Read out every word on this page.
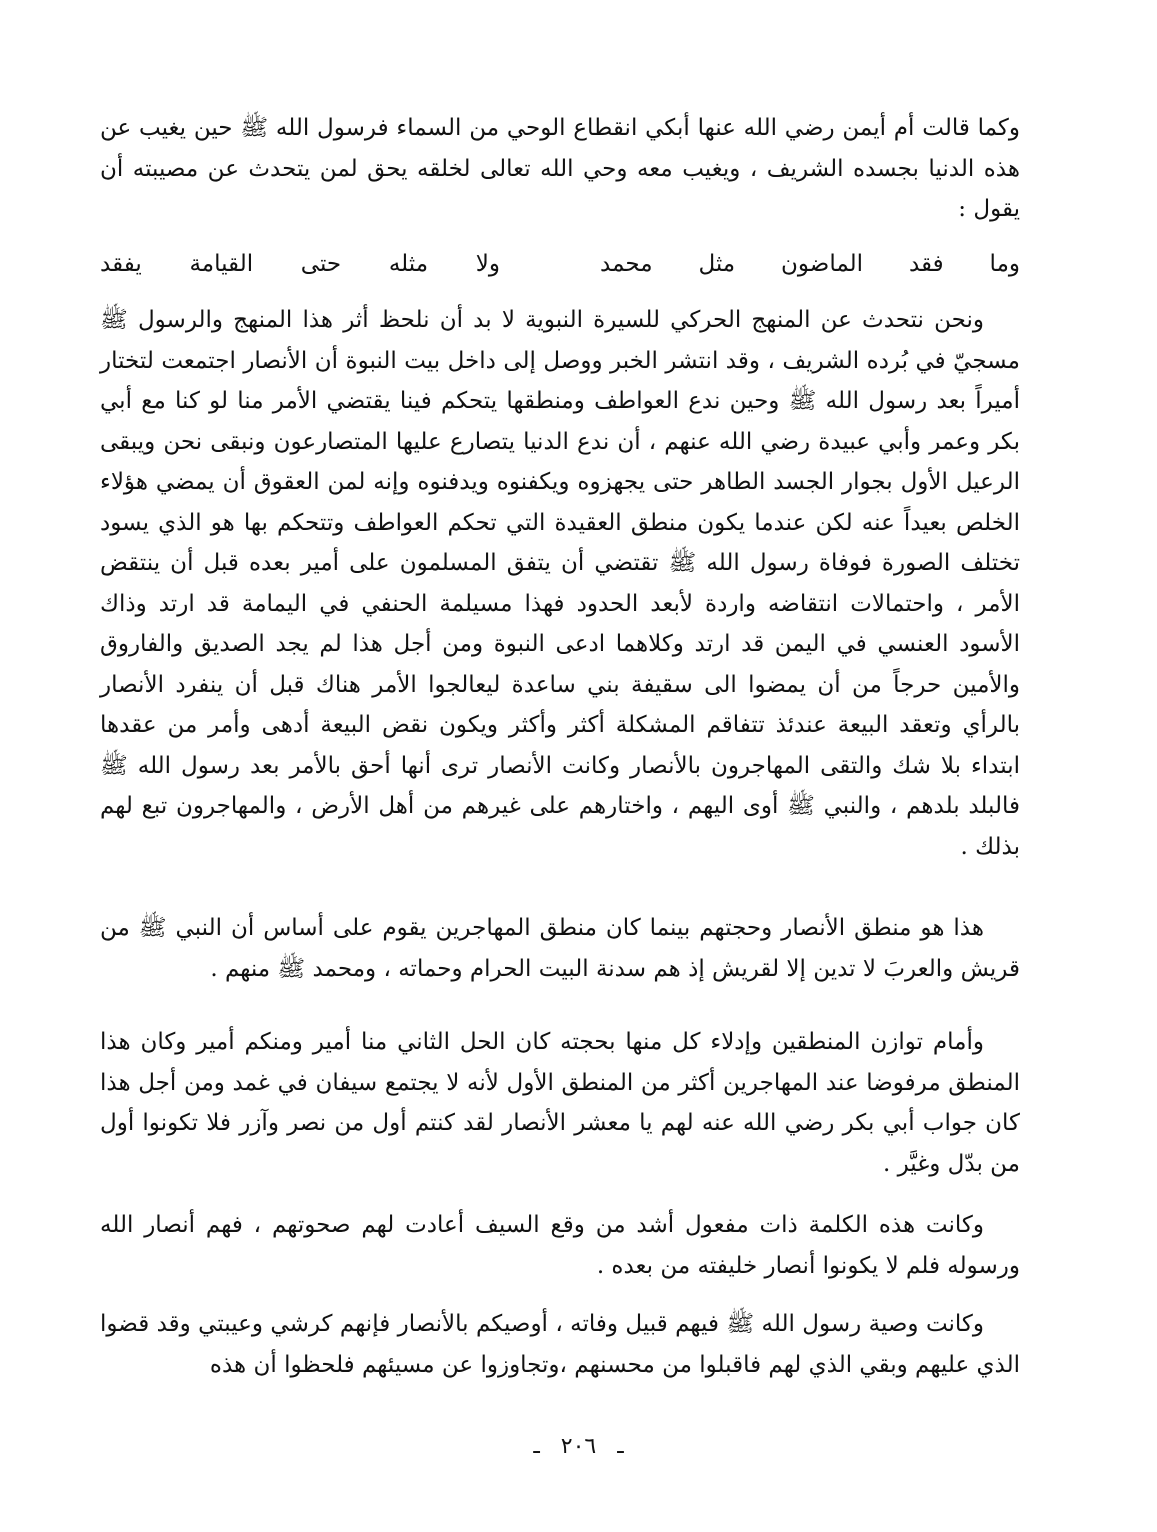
وكما قالت أم أيمن رضي الله عنها أبكي انقطاع الوحي من السماء فرسول الله ﷺ حين يغيب عن هذه الدنيا بجسده الشريف ، ويغيب معه وحي الله تعالى لخلقه يحق لمن يتحدث عن مصيبته أن يقول :

وما فقد الماضون مثل محمد
ولا مثله حتى القيامة يفقد

ونحن نتحدث عن المنهج الحركي للسيرة النبوية لا بد أن نلحظ أثر هذا المنهج والرسول ﷺ مسجيّ في بُرده الشريف ، وقد انتشر الخبر ووصل إلى داخل بيت النبوة أن الأنصار اجتمعت لتختار أميراً بعد رسول الله ﷺ وحين ندع العواطف ومنطقها يتحكم فينا يقتضي الأمر منا لو كنا مع أبي بكر وعمر وأبي عبيدة رضي الله عنهم ، أن ندع الدنيا يتصارع عليها المتصارعون ونبقى نحن ويبقى الرعيل الأول بجوار الجسد الطاهر حتى يجهزوه ويكفنوه ويدفنوه وإنه لمن العقوق أن يمضي هؤلاء الخلص بعيداً عنه لكن عندما يكون منطق العقيدة التي تحكم العواطف وتتحكم بها هو الذي يسود تختلف الصورة فوفاة رسول الله ﷺ تقتضي أن يتفق المسلمون على أمير بعده قبل أن ينتقض الأمر ، واحتمالات انتقاضه واردة لأبعد الحدود فهذا مسيلمة الحنفي في اليمامة قد ارتد وذاك الأسود العنسي في اليمن قد ارتد وكلاهما ادعى النبوة ومن أجل هذا لم يجد الصديق والفاروق والأمين حرجاً من أن يمضوا الى سقيفة بني ساعدة ليعالجوا الأمر هناك قبل أن ينفرد الأنصار بالرأي وتعقد البيعة عندئذ تتفاقم المشكلة أكثر وأكثر ويكون نقض البيعة أدهى وأمر من عقدها ابتداء بلا شك والتقى المهاجرون بالأنصار وكانت الأنصار ترى أنها أحق بالأمر بعد رسول الله ﷺ فالبلد بلدهم ، والنبي ﷺ أوى اليهم ، واختارهم على غيرهم من أهل الأرض ، والمهاجرون تبع لهم بذلك .

هذا هو منطق الأنصار وحجتهم بينما كان منطق المهاجرين يقوم على أساس أن النبي ﷺ من قريش والعربَ لا تدين إلا لقريش إذ هم سدنة البيت الحرام وحماته ، ومحمد ﷺ منهم .

وأمام توازن المنطقين وإدلاء كل منها بحجته كان الحل الثاني منا أمير ومنكم أمير وكان هذا المنطق مرفوضا عند المهاجرين أكثر من المنطق الأول لأنه لا يجتمع سيفان في غمد ومن أجل هذا كان جواب أبي بكر رضي الله عنه لهم يا معشر الأنصار لقد كنتم أول من نصر وآزر فلا تكونوا أول من بدّل وغيَّر .

وكانت هذه الكلمة ذات مفعول أشد من وقع السيف أعادت لهم صحوتهم ، فهم أنصار الله ورسوله فلم لا يكونوا أنصار خليفته من بعده .

وكانت وصية رسول الله ﷺ فيهم قبيل وفاته ، أوصيكم بالأنصار فإنهم كرشي وعيبتي وقد قضوا الذي عليهم وبقي الذي لهم فاقبلوا من محسنهم ،وتجاوزوا عن مسيئهم فلحظوا أن هذه

ـ ٢٠٦ ـ
